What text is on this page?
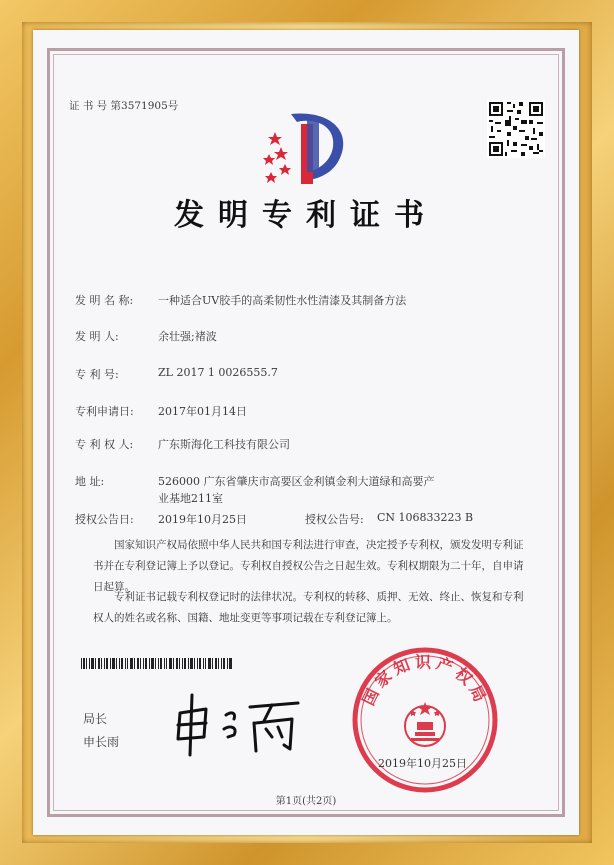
证 书 号 第3571905号
发明专利证书
发 明 名 称: 一种适合UV胶手的高柔韧性水性清漆及其制备方法
发 明 人:	余壮强;褚波
专 利 号:	ZL 2017 1 0026555.7
专利申请日: 2017年01月14日
专 利 权 人: 广东斯海化工科技有限公司
地 址:	526000 广东省肇庆市高要区金利镇金利大道绿和高要产
业基地211室
授权公告日: 2019年10月25日	授权公告号: CN 106833223 B
国家知识产权局依照中华人民共和国专利法进行审查，决定授予专利权，颁发发明专利证书并在专利登记簿上予以登记。专利权自授权公告之日起生效。专利权期限为二十年，自申请日起算。
专利证书记载专利权登记时的法律状况。专利权的转移、质押、无效、终止、恢复和专利权人的姓名或名称、国籍、地址变更等事项记载在专利登记簿上。
局长
申长雨
国家知识产权局
2019年10月25日
第1页(共2页)
